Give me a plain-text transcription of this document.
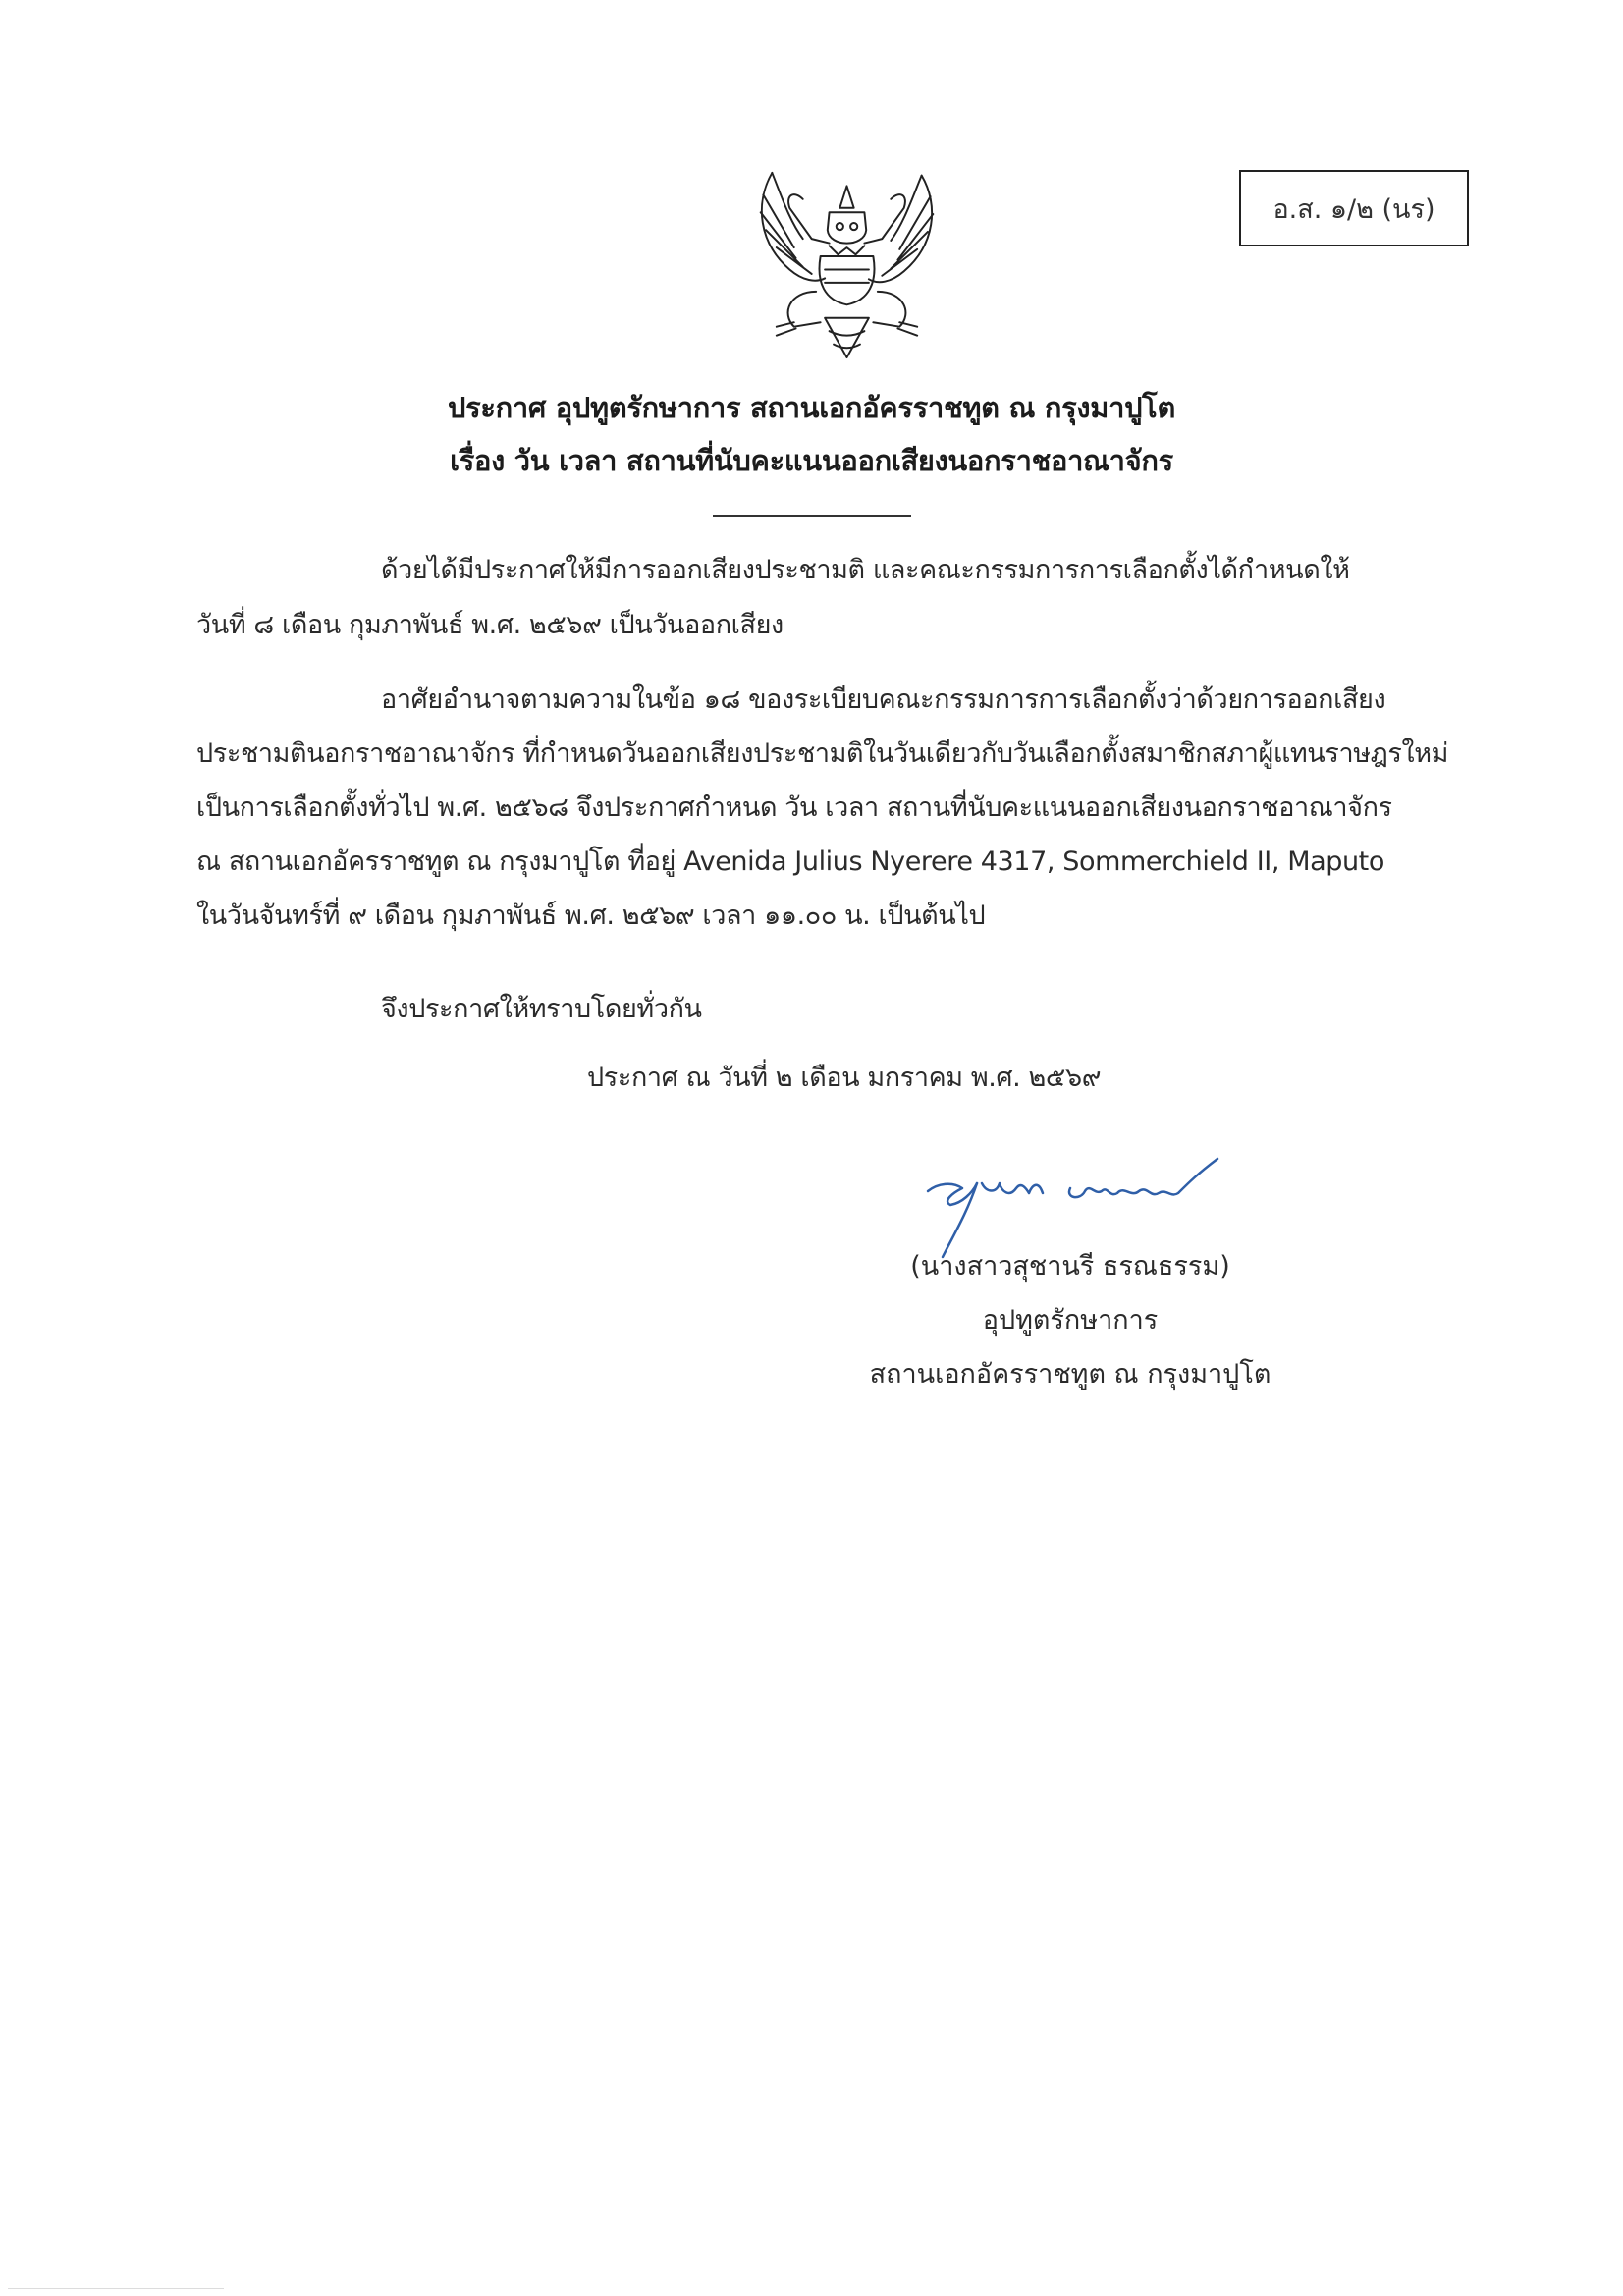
อ.ส. ๑/๒ (นร)
ประกาศ อุปทูตรักษาการ สถานเอกอัครราชทูต ณ กรุงมาปูโต
เรื่อง วัน เวลา สถานที่นับคะแนนออกเสียงนอกราชอาณาจักร
ด้วยได้มีประกาศให้มีการออกเสียงประชามติ และคณะกรรมการการเลือกตั้งได้กำหนดให้
วันที่ ๘ เดือน กุมภาพันธ์ พ.ศ. ๒๕๖๙ เป็นวันออกเสียง
อาศัยอำนาจตามความในข้อ ๑๘ ของระเบียบคณะกรรมการการเลือกตั้งว่าด้วยการออกเสียง
ประชามตินอกราชอาณาจักร ที่กำหนดวันออกเสียงประชามติในวันเดียวกับวันเลือกตั้งสมาชิกสภาผู้แทนราษฎรใหม่
เป็นการเลือกตั้งทั่วไป พ.ศ. ๒๕๖๘ จึงประกาศกำหนด วัน เวลา สถานที่นับคะแนนออกเสียงนอกราชอาณาจักร
ณ สถานเอกอัครราชทูต ณ กรุงมาปูโต ที่อยู่ Avenida Julius Nyerere 4317, Sommerchield II, Maputo
ในวันจันทร์ที่ ๙ เดือน กุมภาพันธ์ พ.ศ. ๒๕๖๙ เวลา ๑๑.๐๐ น. เป็นต้นไป
จึงประกาศให้ทราบโดยทั่วกัน
ประกาศ ณ วันที่ ๒ เดือน มกราคม พ.ศ. ๒๕๖๙
(นางสาวสุชานรี ธรณธรรม)
อุปทูตรักษาการ
สถานเอกอัครราชทูต ณ กรุงมาปูโต
